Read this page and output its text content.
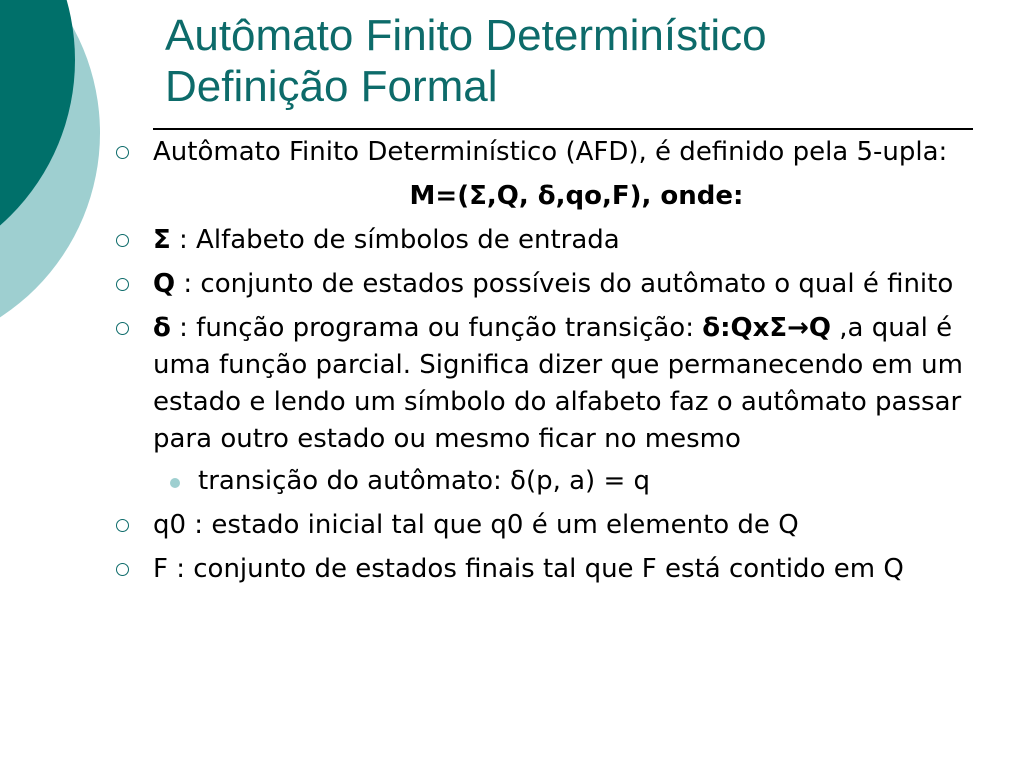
Autômato Finito Determinístico
Definição Formal
Autômato Finito Determinístico (AFD), é definido pela 5-upla:
M=(Σ,Q, δ,qo,F), onde:
Σ : Alfabeto de símbolos de entrada
Q : conjunto de estados possíveis do autômato o qual é finito
δ : função programa ou função transição: δ:QxΣ→Q ,a qual é uma função parcial. Significa dizer que permanecendo em um estado e lendo um símbolo do alfabeto faz o autômato passar para outro estado ou mesmo ficar no mesmo
transição do autômato: δ(p, a) = q
q0 : estado inicial tal que q0 é um elemento de Q
F : conjunto de estados finais tal que F está contido em Q
